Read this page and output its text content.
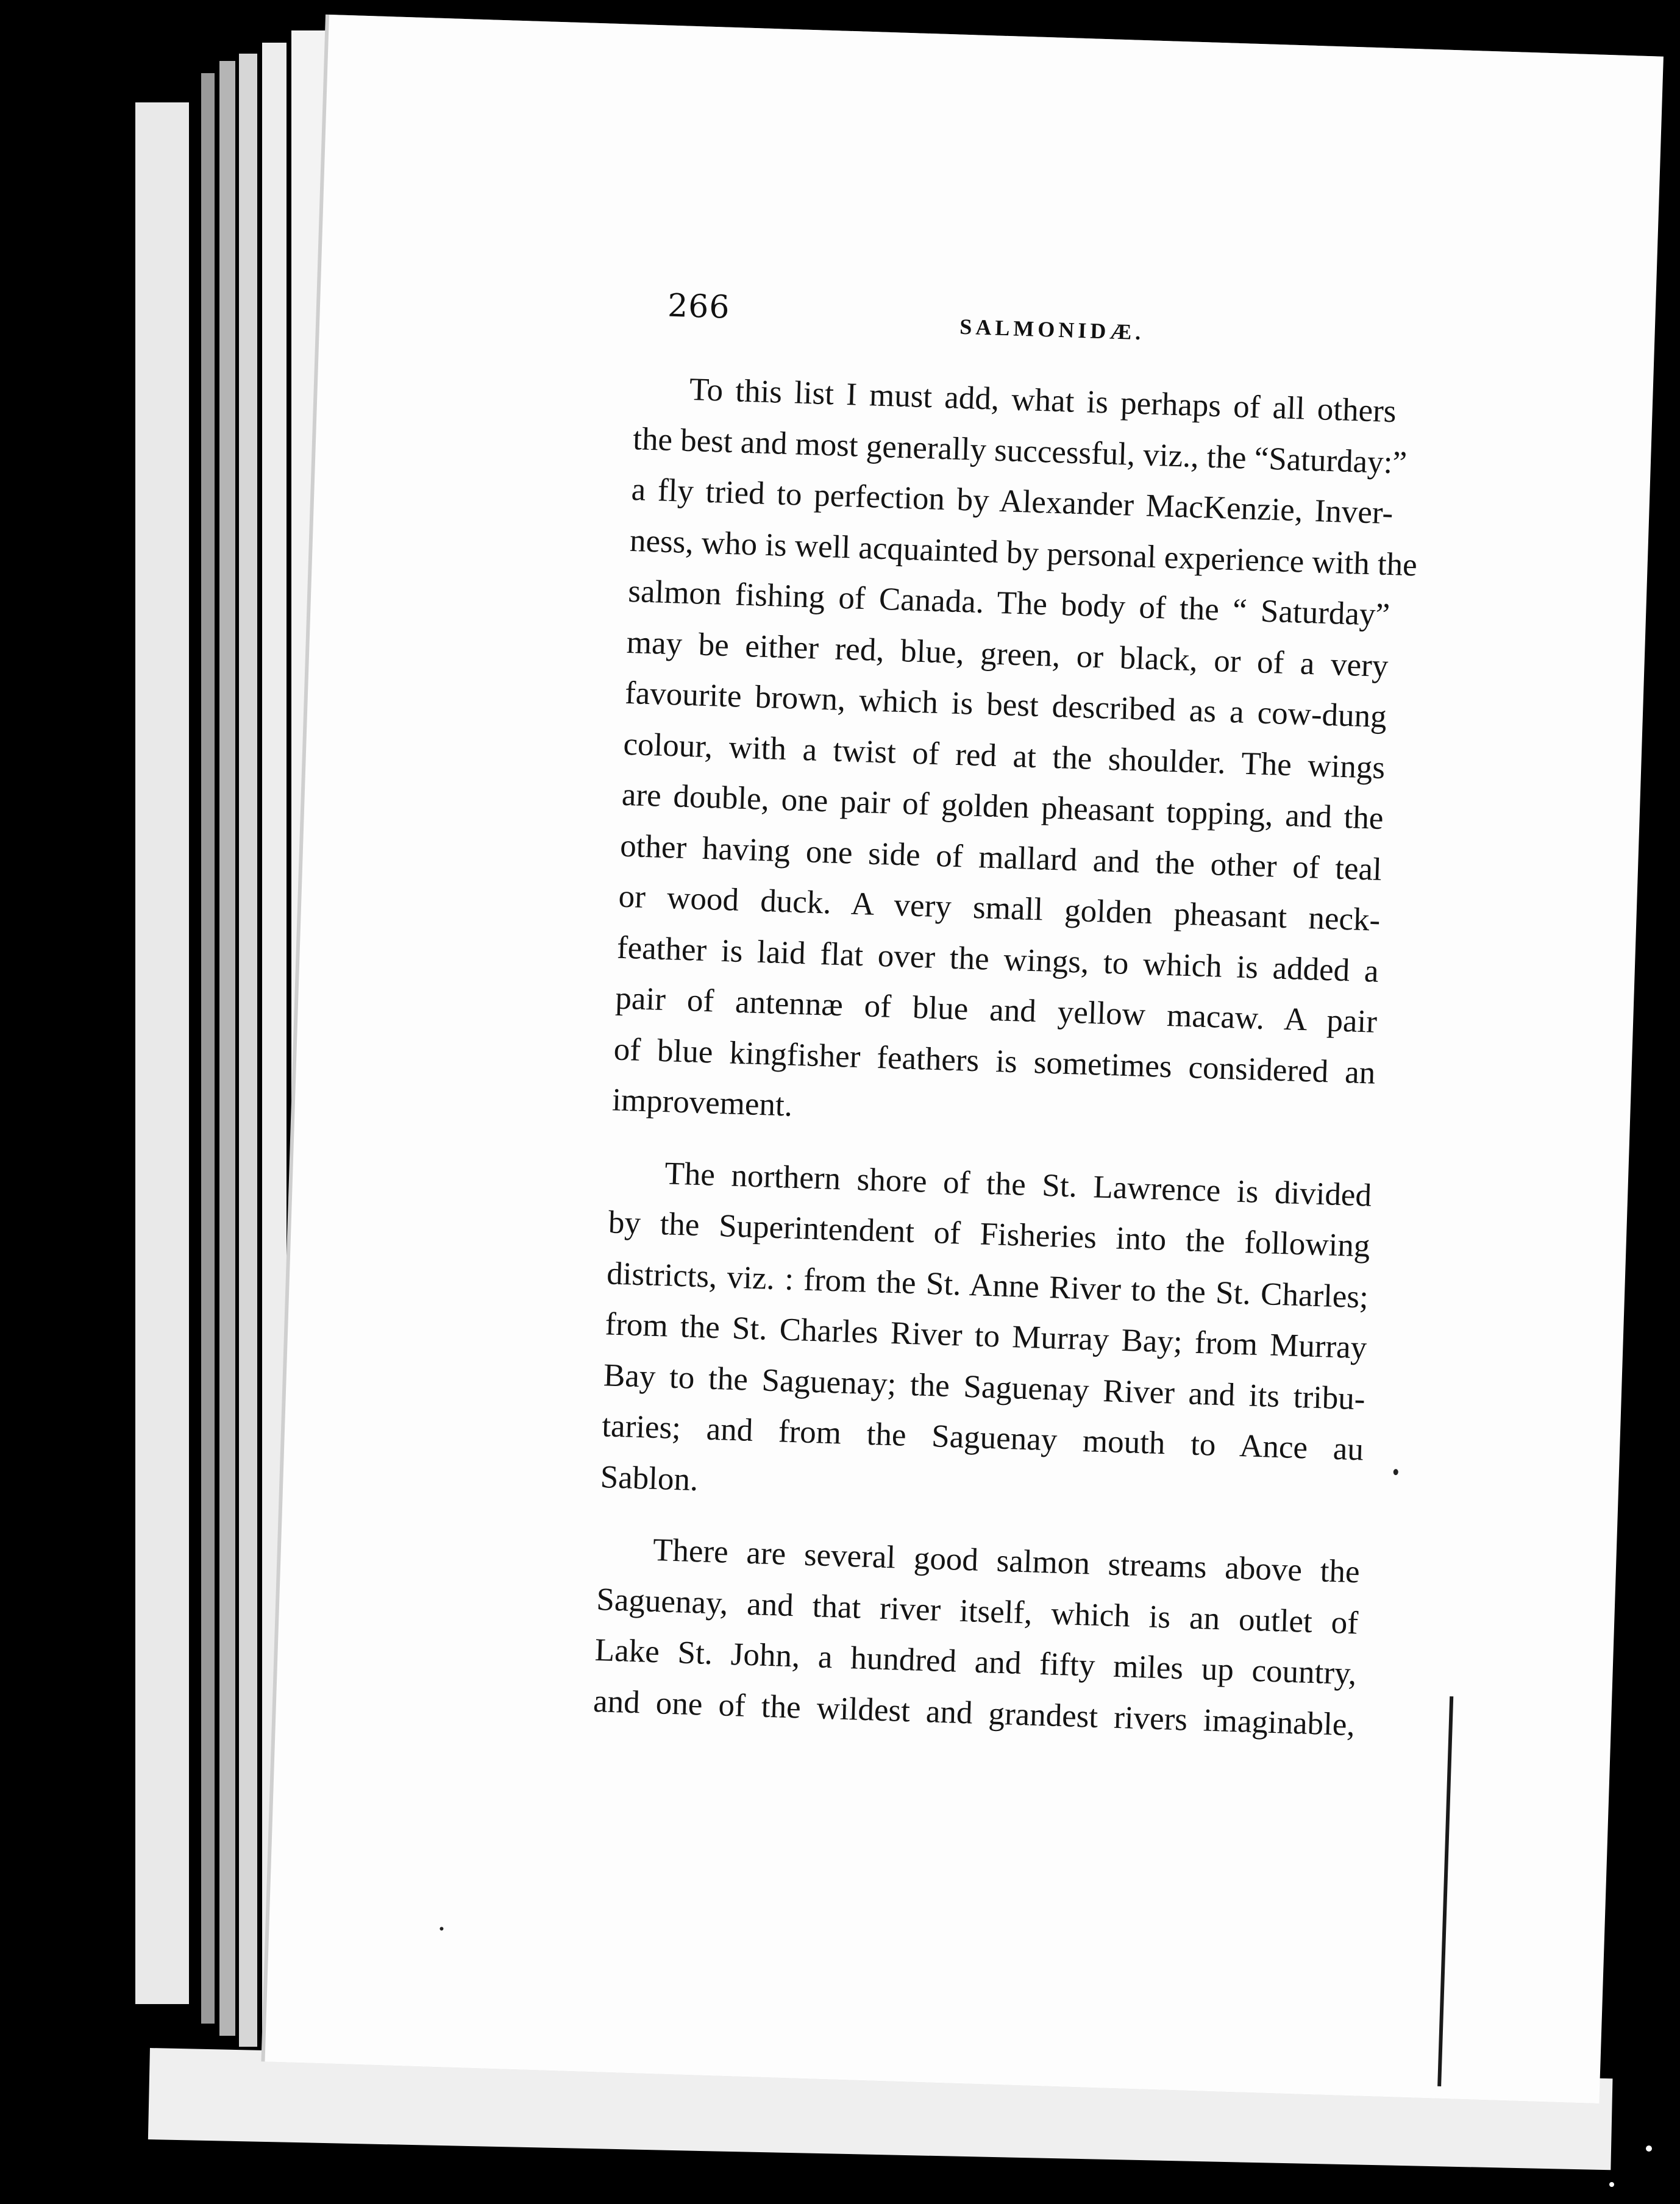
266
SALMONIDÆ.

To this list I must add, what is perhaps of all others
the best and most generally successful, viz., the “Saturday:”
a fly tried to perfection by Alexander MacKenzie, Inver-
ness, who is well acquainted by personal experience with the
salmon fishing of Canada. The body of the “ Saturday”
may be either red, blue, green, or black, or of a very
favourite brown, which is best described as a cow-dung
colour, with a twist of red at the shoulder. The wings
are double, one pair of golden pheasant topping, and the
other having one side of mallard and the other of teal
or wood duck. A very small golden pheasant neck-
feather is laid flat over the wings, to which is added a
pair of antennæ of blue and yellow macaw. A pair
of blue kingfisher feathers is sometimes considered an
improvement.

The northern shore of the St. Lawrence is divided
by the Superintendent of Fisheries into the following
districts, viz. : from the St. Anne River to the St. Charles;
from the St. Charles River to Murray Bay; from Murray
Bay to the Saguenay; the Saguenay River and its tribu-
taries; and from the Saguenay mouth to Ance au
Sablon.

There are several good salmon streams above the
Saguenay, and that river itself, which is an outlet of
Lake St. John, a hundred and fifty miles up country,
and one of the wildest and grandest rivers imaginable,
